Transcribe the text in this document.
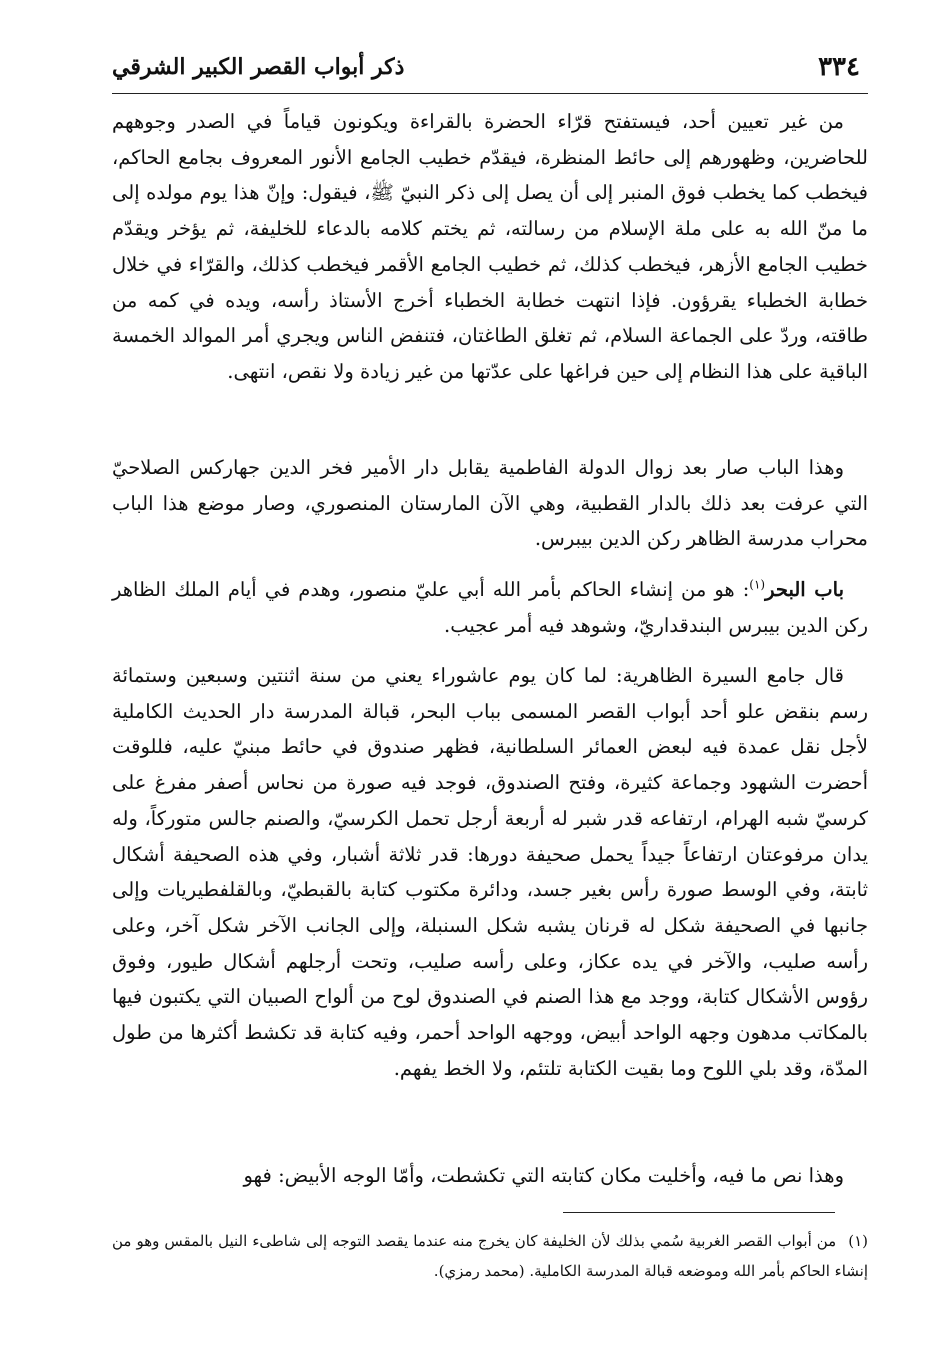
٣٣٤
ذكر أبواب القصر الكبير الشرقي

من غير تعيين أحد، فيستفتح قرّاء الحضرة بالقراءة ويكونون قياماً في الصدر وجوههم للحاضرين، وظهورهم إلى حائط المنظرة، فيقدّم خطيب الجامع الأنور المعروف بجامع الحاكم، فيخطب كما يخطب فوق المنبر إلى أن يصل إلى ذكر النبيّ ﷺ، فيقول: وإنّ هذا يوم مولده إلى ما منّ الله به على ملة الإسلام من رسالته، ثم يختم كلامه بالدعاء للخليفة، ثم يؤخر ويقدّم خطيب الجامع الأزهر، فيخطب كذلك، ثم خطيب الجامع الأقمر فيخطب كذلك، والقرّاء في خلال خطابة الخطباء يقرؤون. فإذا انتهت خطابة الخطباء أخرج الأستاذ رأسه، ويده في كمه من طاقته، وردّ على الجماعة السلام، ثم تغلق الطاغتان، فتنفض الناس ويجري أمر الموالد الخمسة الباقية على هذا النظام إلى حين فراغها على عدّتها من غير زيادة ولا نقص، انتهى.

وهذا الباب صار بعد زوال الدولة الفاطمية يقابل دار الأمير فخر الدين جهاركس الصلاحيّ التي عرفت بعد ذلك بالدار القطبية، وهي الآن المارستان المنصوري، وصار موضع هذا الباب محراب مدرسة الظاهر ركن الدين بيبرس.

باب البحر$^{(١)}$: هو من إنشاء الحاكم بأمر الله أبي عليّ منصور، وهدم في أيام الملك الظاهر ركن الدين بيبرس البندقداريّ، وشوهد فيه أمر عجيب.

قال جامع السيرة الظاهرية: لما كان يوم عاشوراء يعني من سنة اثنتين وسبعين وستمائة رسم بنقض علو أحد أبواب القصر المسمى بباب البحر، قبالة المدرسة دار الحديث الكاملية لأجل نقل عمدة فيه لبعض العمائر السلطانية، فظهر صندوق في حائط مبنيّ عليه، فللوقت أحضرت الشهود وجماعة كثيرة، وفتح الصندوق، فوجد فيه صورة من نحاس أصفر مفرغ على كرسيّ شبه الهرام، ارتفاعه قدر شبر له أربعة أرجل تحمل الكرسيّ، والصنم جالس متوركاً، وله يدان مرفوعتان ارتفاعاً جيداً يحمل صحيفة دورها: قدر ثلاثة أشبار، وفي هذه الصحيفة أشكال ثابتة، وفي الوسط صورة رأس بغير جسد، ودائرة مكتوب كتابة بالقبطيّ، وبالقلفطيريات وإلى جانبها في الصحيفة شكل له قرنان يشبه شكل السنبلة، وإلى الجانب الآخر شكل آخر، وعلى رأسه صليب، والآخر في يده عكاز، وعلى رأسه صليب، وتحت أرجلهم أشكال طيور، وفوق رؤوس الأشكال كتابة، ووجد مع هذا الصنم في الصندوق لوح من ألواح الصبيان التي يكتبون فيها بالمكاتب مدهون وجهه الواحد أبيض، ووجهه الواحد أحمر، وفيه كتابة قد تكشط أكثرها من طول المدّة، وقد بلي اللوح وما بقيت الكتابة تلتئم، ولا الخط يفهم.

وهذا نص ما فيه، وأخليت مكان كتابته التي تكشطت، وأمّا الوجه الأبيض: فهو

(١)من أبواب القصر الغربية سُمي بذلك لأن الخليفة كان يخرج منه عندما يقصد التوجه إلى شاطىء النيل بالمقس وهو من إنشاء الحاكم بأمر الله وموضعه قبالة المدرسة الكاملية. (محمد رمزي).
